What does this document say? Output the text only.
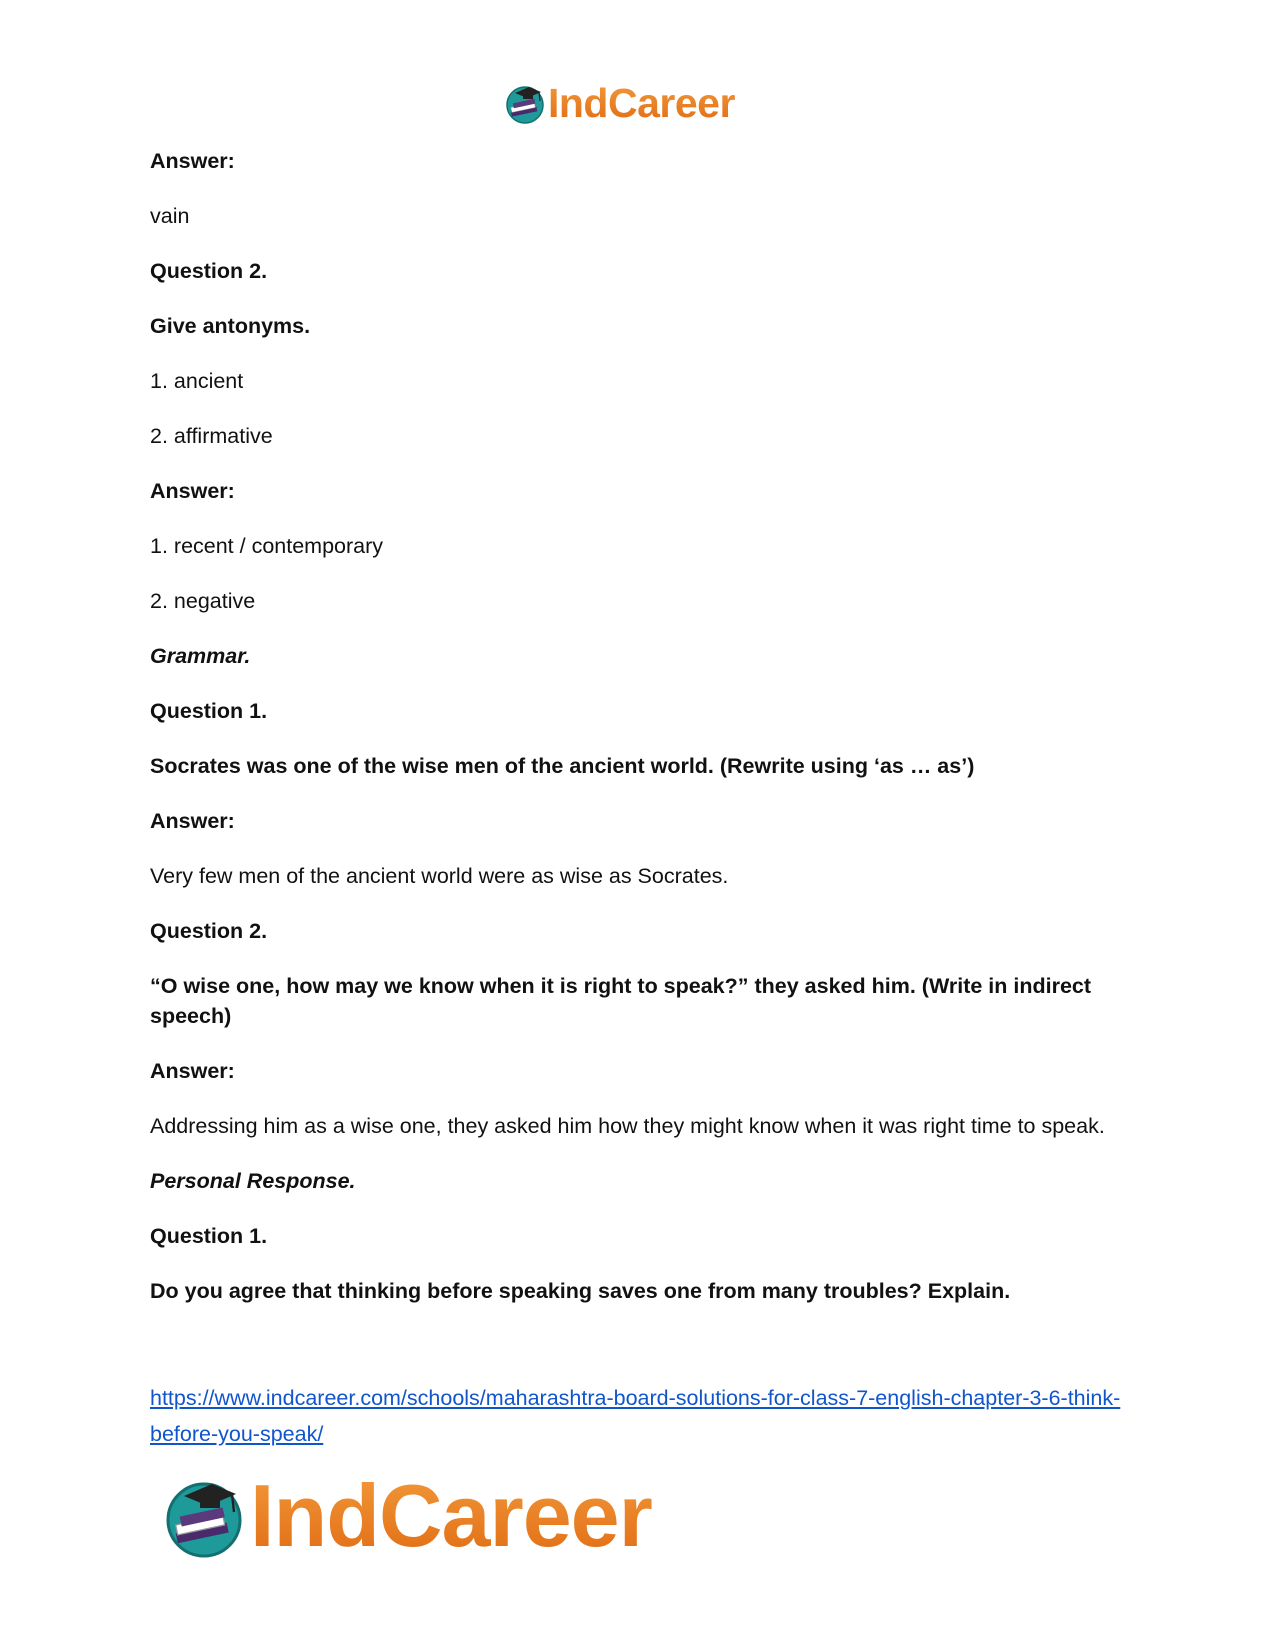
IndCareer

Answer:

vain

Question 2.

Give antonyms.

1. ancient

2. affirmative

Answer:

1. recent / contemporary

2. negative

Grammar.

Question 1.

Socrates was one of the wise men of the ancient world. (Rewrite using ‘as … as’)

Answer:

Very few men of the ancient world were as wise as Socrates.

Question 2.

“O wise one, how may we know when it is right to speak?” they asked him. (Write in indirect speech)

Answer:

Addressing him as a wise one, they asked him how they might know when it was right time to speak.

Personal Response.

Question 1.

Do you agree that thinking before speaking saves one from many troubles? Explain.

https://www.indcareer.com/schools/maharashtra-board-solutions-for-class-7-english-chapter-3-6-think-before-you-speak/
IndCareer
